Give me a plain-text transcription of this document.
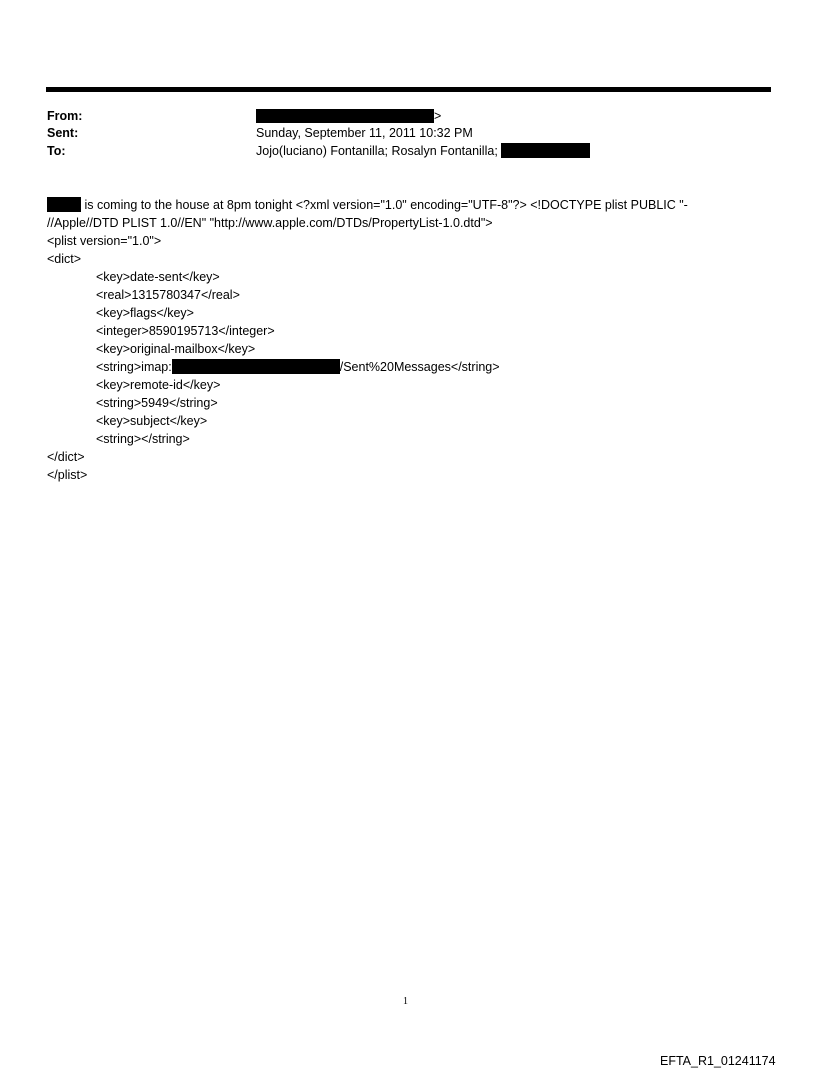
From:	>
Sent:	Sunday, September 11, 2011 10:32 PM
To:	Jojo(luciano) Fontanilla; Rosalyn Fontanilla;
is coming to the house at 8pm tonight <?xml version="1.0" encoding="UTF-8"?> <!DOCTYPE plist PUBLIC "-
//Apple//DTD PLIST 1.0//EN" "http://www.apple.com/DTDs/PropertyList-1.0.dtd">
<plist version="1.0">
<dict>
<key>date-sent</key>
<real>1315780347</real>
<key>flags</key>
<integer>8590195713</integer>
<key>original-mailbox</key>
<string>imap:	/Sent%20Messages</string>
<key>remote-id</key>
<string>5949</string>
<key>subject</key>
<string></string>
</dict>
</plist>
1
EFTA_R1_01241174
